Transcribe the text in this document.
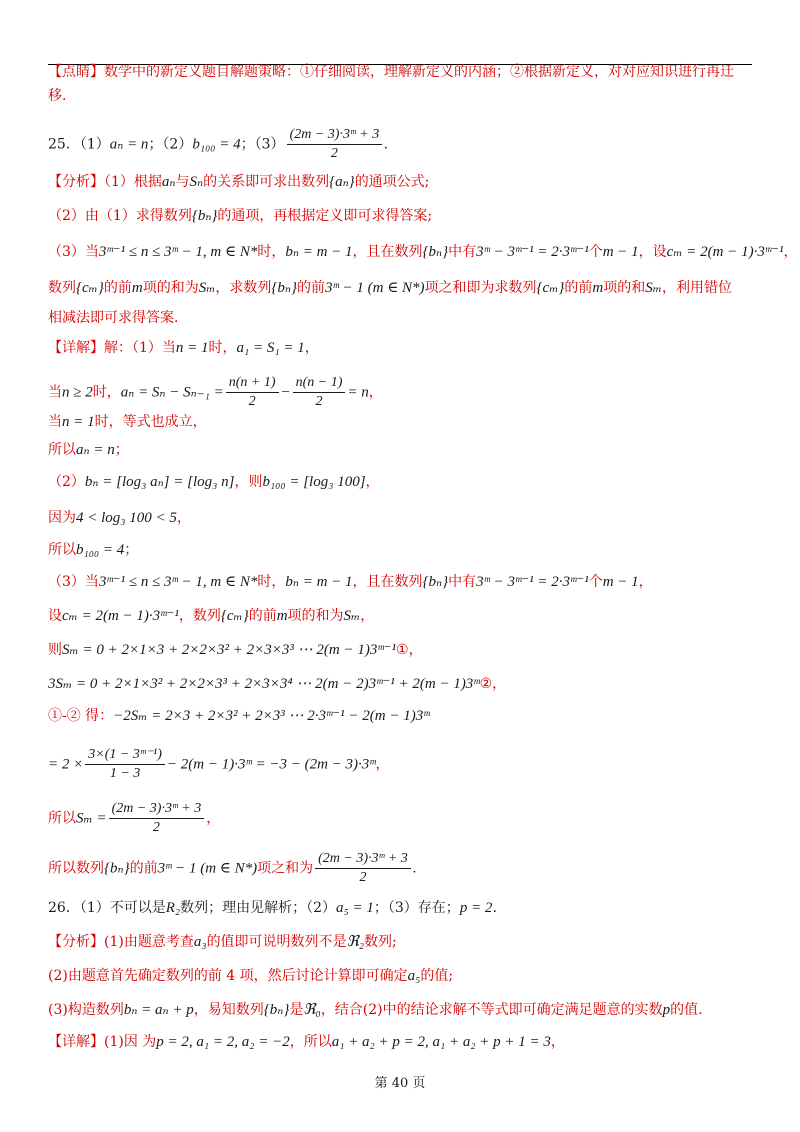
【点睛】数学中的新定义题目解题策略：①仔细阅读，理解新定义的内涵；②根据新定义，对对应知识进行再迁
移.
25．（1）aₙ = n；（2）b₁₀₀ = 4；$(3) \frac{\text{(2m − 3)·3ᵐ + 3}}{2}$ .
【分析】（1）根据aₙ与Sₙ的关系即可求出数列{aₙ}的通项公式;
（2）由（1）求得数列{bₙ}的通项，再根据定义即可求得答案;
（3）当3ᵐ⁻¹ ≤ n ≤ 3ᵐ − 1, m ∈ N*时，bₙ = m − 1，且在数列{bₙ}中有3ᵐ − 3ᵐ⁻¹ = 2·3ᵐ⁻¹个m − 1，设cₘ = 2(m − 1)·3ᵐ⁻¹，
数列{cₘ}的前m项的和为Sₘ，求数列{bₙ}的前3ᵐ − 1 (m ∈ N*)项之和即为求数列{cₘ}的前m项的和Sₘ，利用错位
相减法即可求得答案.
【详解】解：（1）当n = 1时，a₁ = S₁ = 1，
当n ≥ 2时，$a_n = S_n - S_{n-1} = \frac{n(n + 1)}{2} - \frac{n(n - 1)}{2} = n$，
当n = 1时，等式也成立，
所以aₙ = n；
（2）bₙ = [log₃ aₙ] = [log₃ n]，则b₁₀₀ = [log₃ 100]，
因为4 < log₃ 100 < 5，
所以b₁₀₀ = 4；
（3）当3ᵐ⁻¹ ≤ n ≤ 3ᵐ − 1, m ∈ N*时，bₙ = m − 1，且在数列{bₙ}中有3ᵐ − 3ᵐ⁻¹ = 2·3ᵐ⁻¹个m − 1，
设cₘ = 2(m − 1)·3ᵐ⁻¹，数列{cₘ}的前m项的和为Sₘ，
则Sₘ = 0 + 2×1×3 + 2×2×3² + 2×3×3³ ⋯ 2(m − 1)3ᵐ⁻¹①，
3Sₘ = 0 + 2×1×3² + 2×2×3³ + 2×3×3⁴ ⋯ 2(m − 2)3ᵐ⁻¹ + 2(m − 1)3ᵐ②，
①-② 得：−2Sₘ = 2×3 + 2×3² + 2×3³ ⋯ 2·3ᵐ⁻¹ − 2(m − 1)3ᵐ
= $2 \times \frac{\text{3×(1 − 3ᵐ⁻¹)}}{1 - 3} - 2(m$ − 1)·3ᵐ = −3 − (2m − 3)·3ᵐ，
所以$S_m = \frac{\text{(2m − 3)·3ᵐ + 3}}{2}$ ，
所以数列{bₙ}的前3ᵐ − 1 (m ∈ N*)项之和为 $\frac{\text{(2m − 3)·3ᵐ + 3}}{2}$ .
26．（1）不可以是R₂数列；理由见解析；（2）a₅ = 1；（3）存在；p = 2.
【分析】(1)由题意考查a₃的值即可说明数列不是ℜ₂数列;
(2)由题意首先确定数列的前 4 项，然后讨论计算即可确定a₅的值;
(3)构造数列bₙ = aₙ + p，易知数列{bₙ}是ℜ₀，结合(2)中的结论求解不等式即可确定满足题意的实数p的值.
【详解】(1)因 为p = 2, a₁ = 2, a₂ = −2，所以a₁ + a₂ + p = 2, a₁ + a₂ + p + 1 = 3，
第 40 页
